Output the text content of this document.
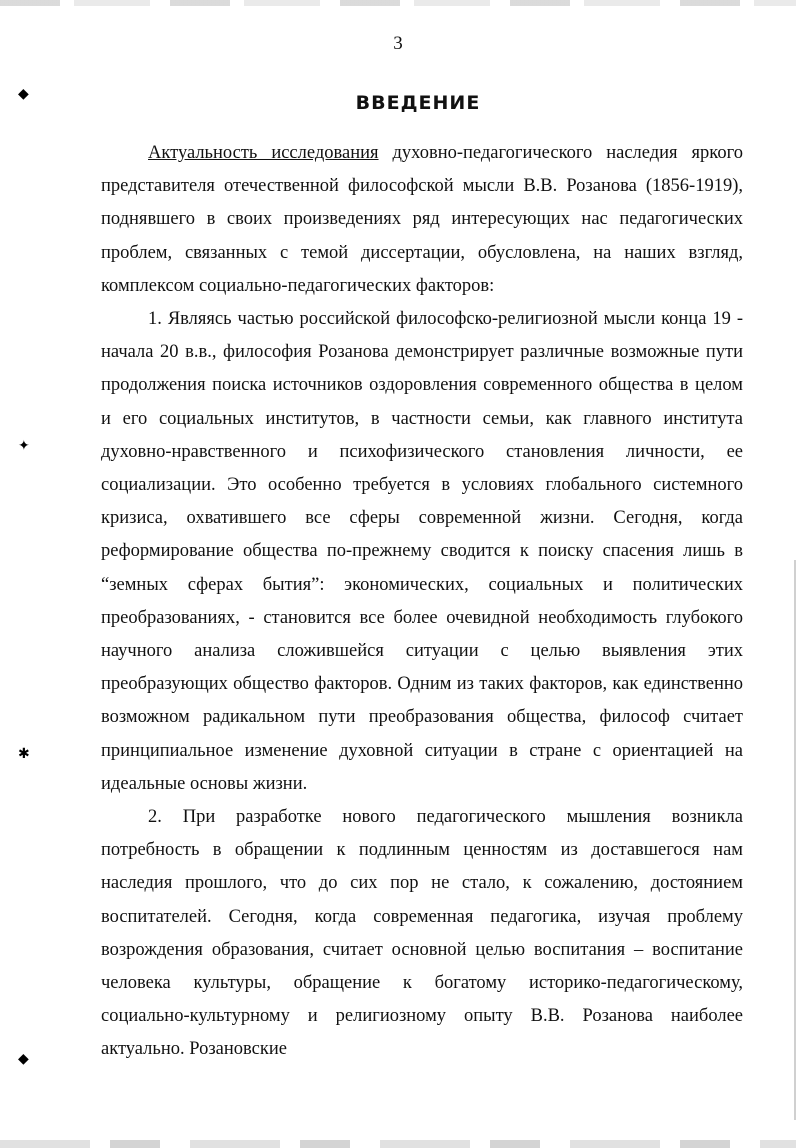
◆
✦
✱
◆
3
ВВЕДЕНИЕ

Актуальность исследования духовно-педагогического наследия яркого представителя отечественной философской мысли В.В. Розанова (1856-1919), поднявшего в своих произведениях ряд интересующих нас педагогических проблем, связанных с темой диссертации, обусловлена, на наших взгляд, комплексом социально-педагогических факторов:

1. Являясь частью российской философско-религиозной мысли конца 19 - начала 20 в.в., философия Розанова демонстрирует различные возможные пути продолжения поиска источников оздоровления современного общества в целом и его социальных институтов, в частности семьи, как главного института духовно-нравственного и психофизического становления личности, ее социализации. Это особенно требуется в условиях глобального системного кризиса, охватившего все сферы современной жизни. Сегодня, когда реформирование общества по-прежнему сводится к поиску спасения лишь в “земных сферах бытия”: экономических, социальных и политических преобразованиях, - становится все более очевидной необходимость глубокого научного анализа сложившейся ситуации с целью выявления этих преобразующих общество факторов. Одним из таких факторов, как единственно возможном радикальном пути преобразования общества, философ считает принципиальное изменение духовной ситуации в стране с ориентацией на идеальные основы жизни.

2. При разработке нового педагогического мышления возникла потребность в обращении к подлинным ценностям из доставшегося нам наследия прошлого, что до сих пор не стало, к сожалению, достоянием воспитателей. Сегодня, когда современная педагогика, изучая проблему возрождения образования, считает основной целью воспитания – воспитание человека культуры, обращение к богатому историко-педагогическому, социально-культурному и религиозному опыту В.В. Розанова наиболее актуально. Розановские
